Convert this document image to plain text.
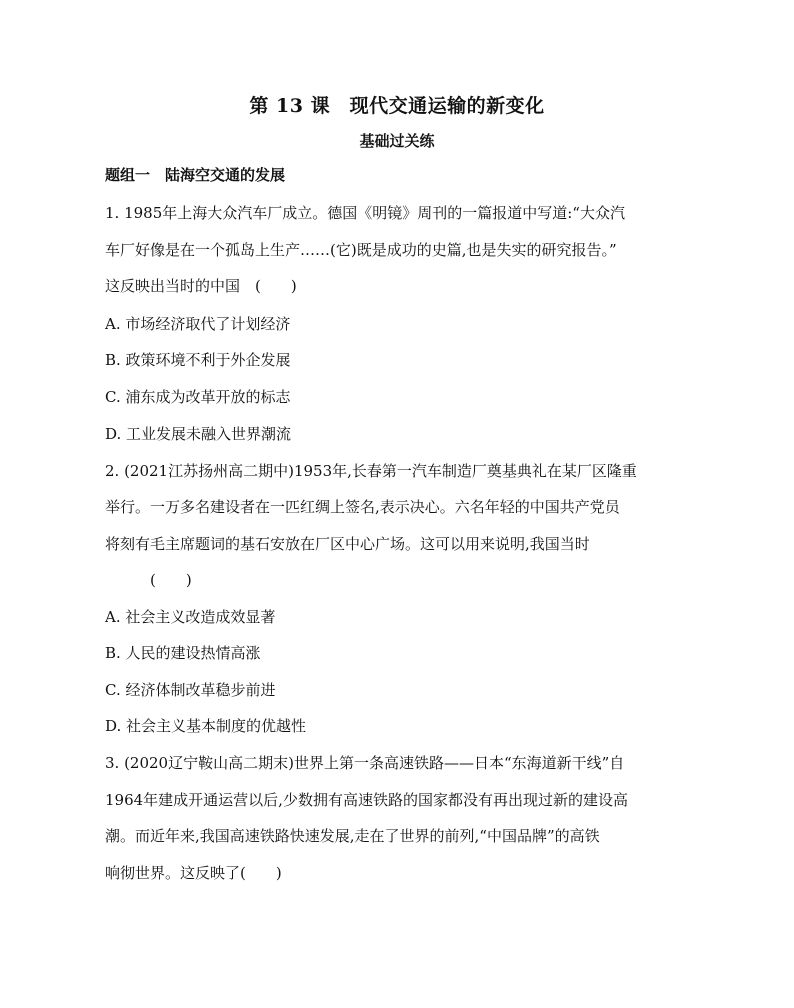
第 13 课　现代交通运输的新变化
基础过关练
题组一　陆海空交通的发展
1. 1985年上海大众汽车厂成立。德国《明镜》周刊的一篇报道中写道:“大众汽
车厂好像是在一个孤岛上生产……(它)既是成功的史篇,也是失实的研究报告。”
这反映出当时的中国　(　　)
A. 市场经济取代了计划经济
B. 政策环境不利于外企发展
C. 浦东成为改革开放的标志
D. 工业发展未融入世界潮流
2. (2021江苏扬州高二期中)1953年,长春第一汽车制造厂奠基典礼在某厂区隆重
举行。一万多名建设者在一匹红绸上签名,表示决心。六名年轻的中国共产党员
将刻有毛主席题词的基石安放在厂区中心广场。这可以用来说明,我国当时
(　　)
A. 社会主义改造成效显著
B. 人民的建设热情高涨
C. 经济体制改革稳步前进
D. 社会主义基本制度的优越性
3. (2020辽宁鞍山高二期末)世界上第一条高速铁路——日本“东海道新干线”自
1964年建成开通运营以后,少数拥有高速铁路的国家都没有再出现过新的建设高
潮。而近年来,我国高速铁路快速发展,走在了世界的前列,“中国品牌”的高铁
响彻世界。这反映了(　　)
